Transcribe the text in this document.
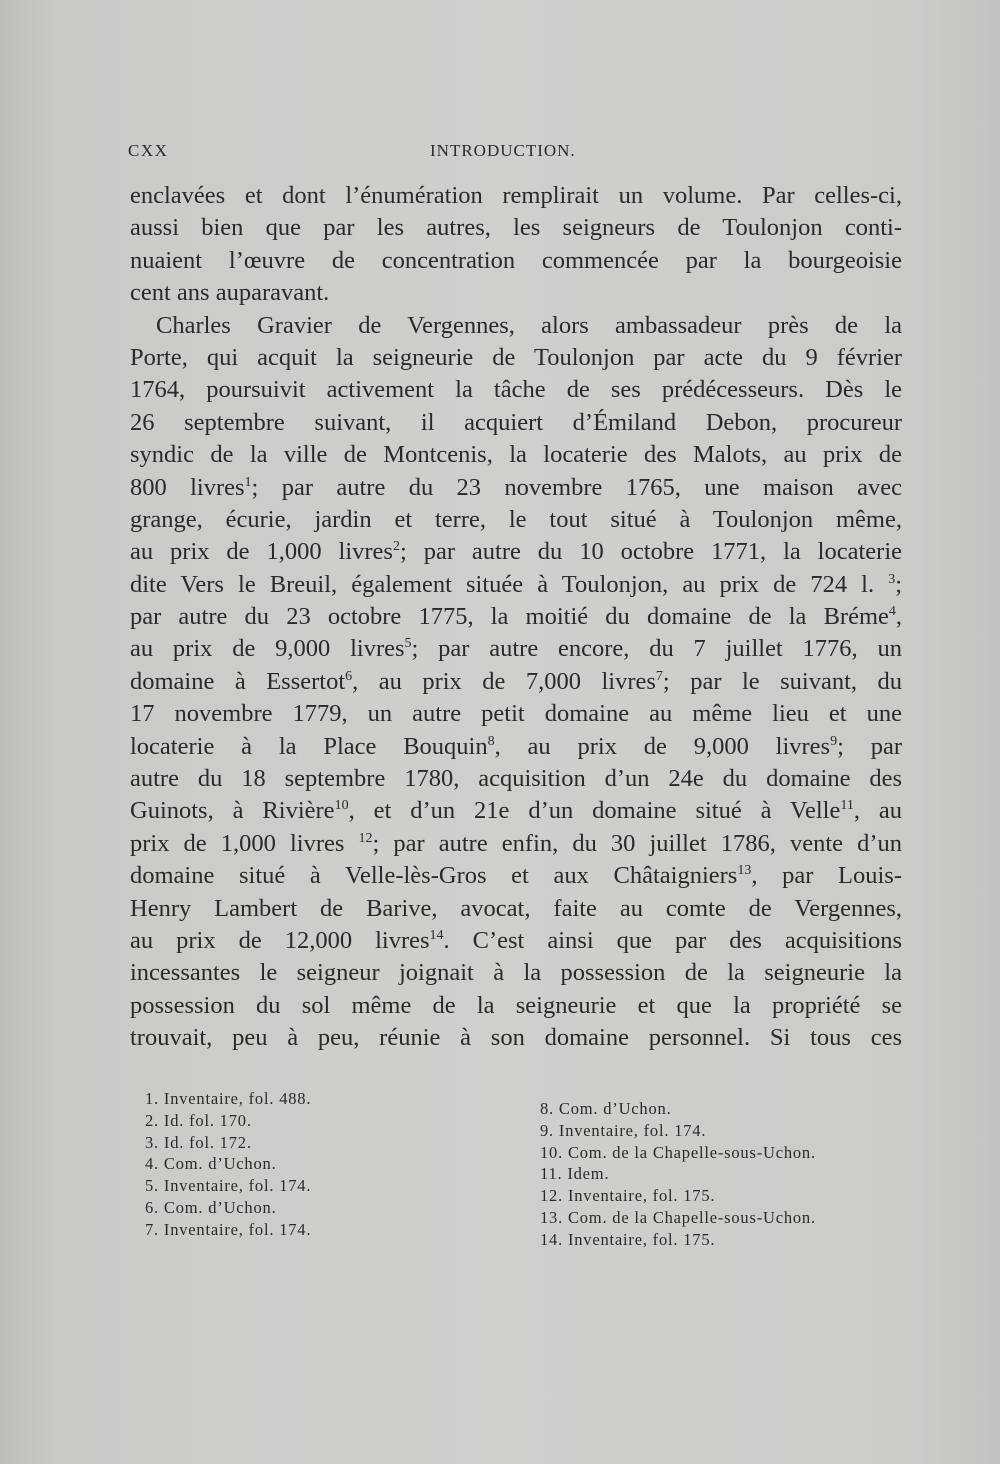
CXX	INTRODUCTION.
enclavées et dont l’énumération remplirait un volume. Par celles-ci,
aussi bien que par les autres, les seigneurs de Toulonjon conti-
nuaient l’œuvre de concentration commencée par la bourgeoisie
cent ans auparavant.
Charles Gravier de Vergennes, alors ambassadeur près de la
Porte, qui acquit la seigneurie de Toulonjon par acte du 9 février
1764, poursuivit activement la tâche de ses prédécesseurs. Dès le
26 septembre suivant, il acquiert d’Émiland Debon, procureur
syndic de la ville de Montcenis, la locaterie des Malots, au prix de
800 livres$^1$; par autre du 23 novembre 1765, une maison avec
grange, écurie, jardin et terre, le tout situé à Toulonjon même,
au prix de 1,000 livres$^2$; par autre du 10 octobre 1771, la locaterie
dite Vers le Breuil, également située à Toulonjon, au prix de 724 l. $^3$;
par autre du 23 octobre 1775, la moitié du domaine de la Bréme$^4$,
au prix de 9,000 livres$^5$; par autre encore, du 7 juillet 1776, un
domaine à Essertot$^6$, au prix de 7,000 livres$^7$; par le suivant, du
17 novembre 1779, un autre petit domaine au même lieu et une
locaterie à la Place Bouquin$^8$, au prix de 9,000 livres$^9$; par
autre du 18 septembre 1780, acquisition d’un 24e du domaine des
Guinots, à Rivière$^{10}$, et d’un 21e d’un domaine situé à Velle$^{11}$, au
prix de 1,000 livres $^{12}$; par autre enfin, du 30 juillet 1786, vente d’un
domaine situé à Velle-lès-Gros et aux Châtaigniers$^{13}$, par Louis-
Henry Lambert de Barive, avocat, faite au comte de Vergennes,
au prix de 12,000 livres$^{14}$. C’est ainsi que par des acquisitions
incessantes le seigneur joignait à la possession de la seigneurie la
possession du sol même de la seigneurie et que la propriété se
trouvait, peu à peu, réunie à son domaine personnel. Si tous ces
1. Inventaire, fol. 488.
2. Id. fol. 170.
3. Id. fol. 172.
4. Com. d’Uchon.
5. Inventaire, fol. 174.
6. Com. d’Uchon.
7. Inventaire, fol. 174.
8. Com. d’Uchon.
9. Inventaire, fol. 174.
10. Com. de la Chapelle-sous-Uchon.
11. Idem.
12. Inventaire, fol. 175.
13. Com. de la Chapelle-sous-Uchon.
14. Inventaire, fol. 175.
